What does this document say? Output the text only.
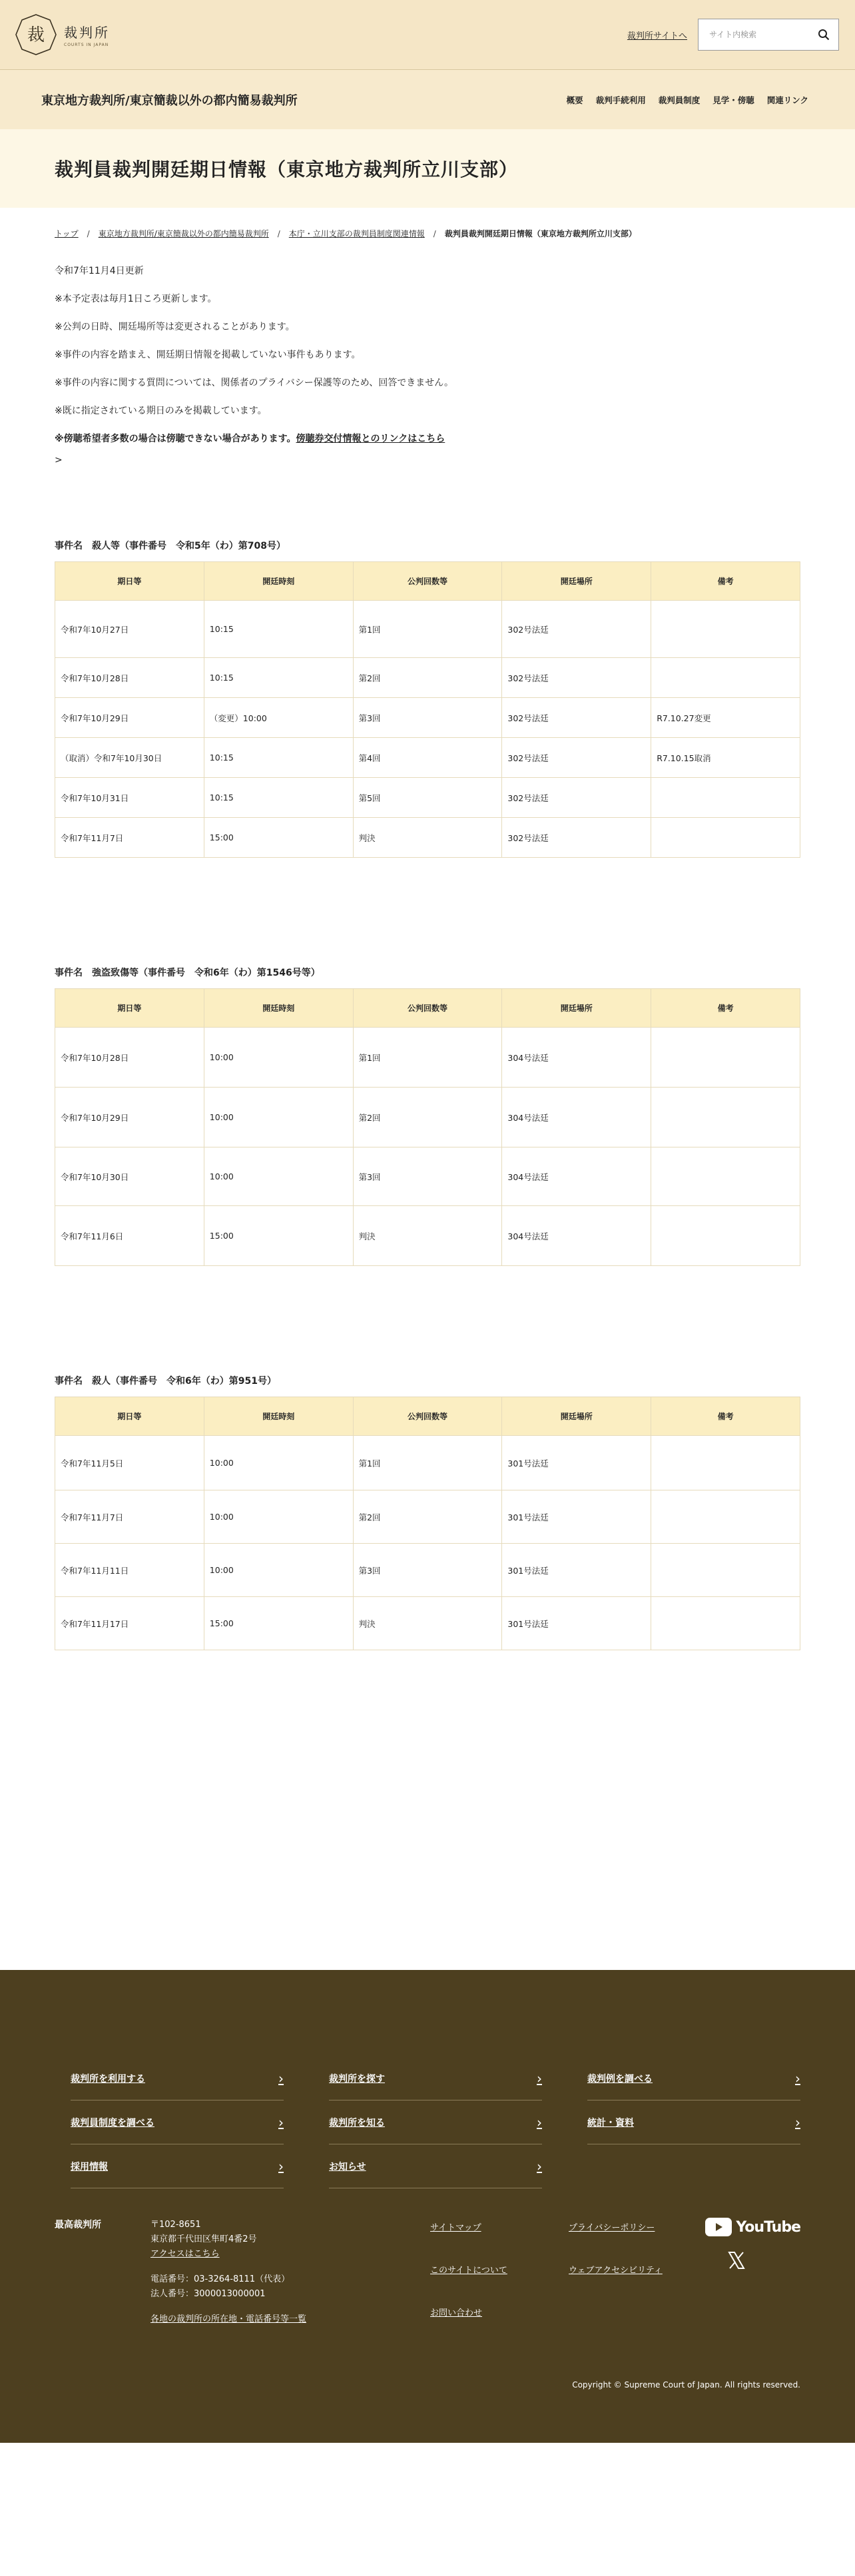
裁 裁判所
COURTS IN JAPAN
裁判所サイトへ
サイト内検索
東京地方裁判所/東京簡裁以外の都内簡易裁判所	概要 裁判手続利用 裁判員制度 見学・傍聴 関連リンク
裁判員裁判開廷期日情報（東京地方裁判所立川支部）
トップ / 東京地方裁判所/東京簡裁以外の都内簡易裁判所 / 本庁・立川支部の裁判員制度関連情報 / 裁判員裁判開廷期日情報（東京地方裁判所立川支部）

令和7年11月4日更新

※本予定表は毎月1日ころ更新します。

※公判の日時、開廷場所等は変更されることがあります。

※事件の内容を踏まえ、開廷期日情報を掲載していない事件もあります。

※事件の内容に関する質問については、関係者のプライバシー保護等のため、回答できません。

※既に指定されている期日のみを掲載しています。

※傍聴希望者多数の場合は傍聴できない場合があります。傍聴券交付情報とのリンクはこちら

>
事件名　殺人等（事件番号　令和5年（わ）第708号）
期日等	開廷時刻	公判回数等	開廷場所	備考
令和7年10月27日	10:15	第1回	302号法廷	
令和7年10月28日	10:15	第2回	302号法廷	
令和7年10月29日	（変更）10:00	第3回	302号法廷	R7.10.27変更
（取消）令和7年10月30日	10:15	第4回	302号法廷	R7.10.15取消
令和7年10月31日	10:15	第5回	302号法廷	
令和7年11月7日	15:00	判決	302号法廷	
事件名　強盗致傷等（事件番号　令和6年（わ）第1546号等）
期日等	開廷時刻	公判回数等	開廷場所	備考
令和7年10月28日	10:00	第1回	304号法廷	
令和7年10月29日	10:00	第2回	304号法廷	
令和7年10月30日	10:00	第3回	304号法廷	
令和7年11月6日	15:00	判決	304号法廷	
事件名　殺人（事件番号　令和6年（わ）第951号）
期日等	開廷時刻	公判回数等	開廷場所	備考
令和7年11月5日	10:00	第1回	301号法廷	
令和7年11月7日	10:00	第2回	301号法廷	
令和7年11月11日	10:00	第3回	301号法廷	
令和7年11月17日	15:00	判決	301号法廷	
裁判所を利用する	›	裁判所を探す	›	裁判例を調べる	›
裁判員制度を調べる	›	裁判所を知る	›	統計・資料	›
採用情報	›	お知らせ	›
最高裁判所	〒102-8651
東京都千代田区隼町4番2号
アクセスはこちら
電話番号：03-3264-8111（代表）
法人番号：3000013000001
各地の裁判所の所在地・電話番号等一覧
サイトマップ	プライバシーポリシー
このサイトについて	ウェブアクセシビリティ
お問い合わせ
YouTube
Copyright © Supreme Court of Japan. All rights reserved.
